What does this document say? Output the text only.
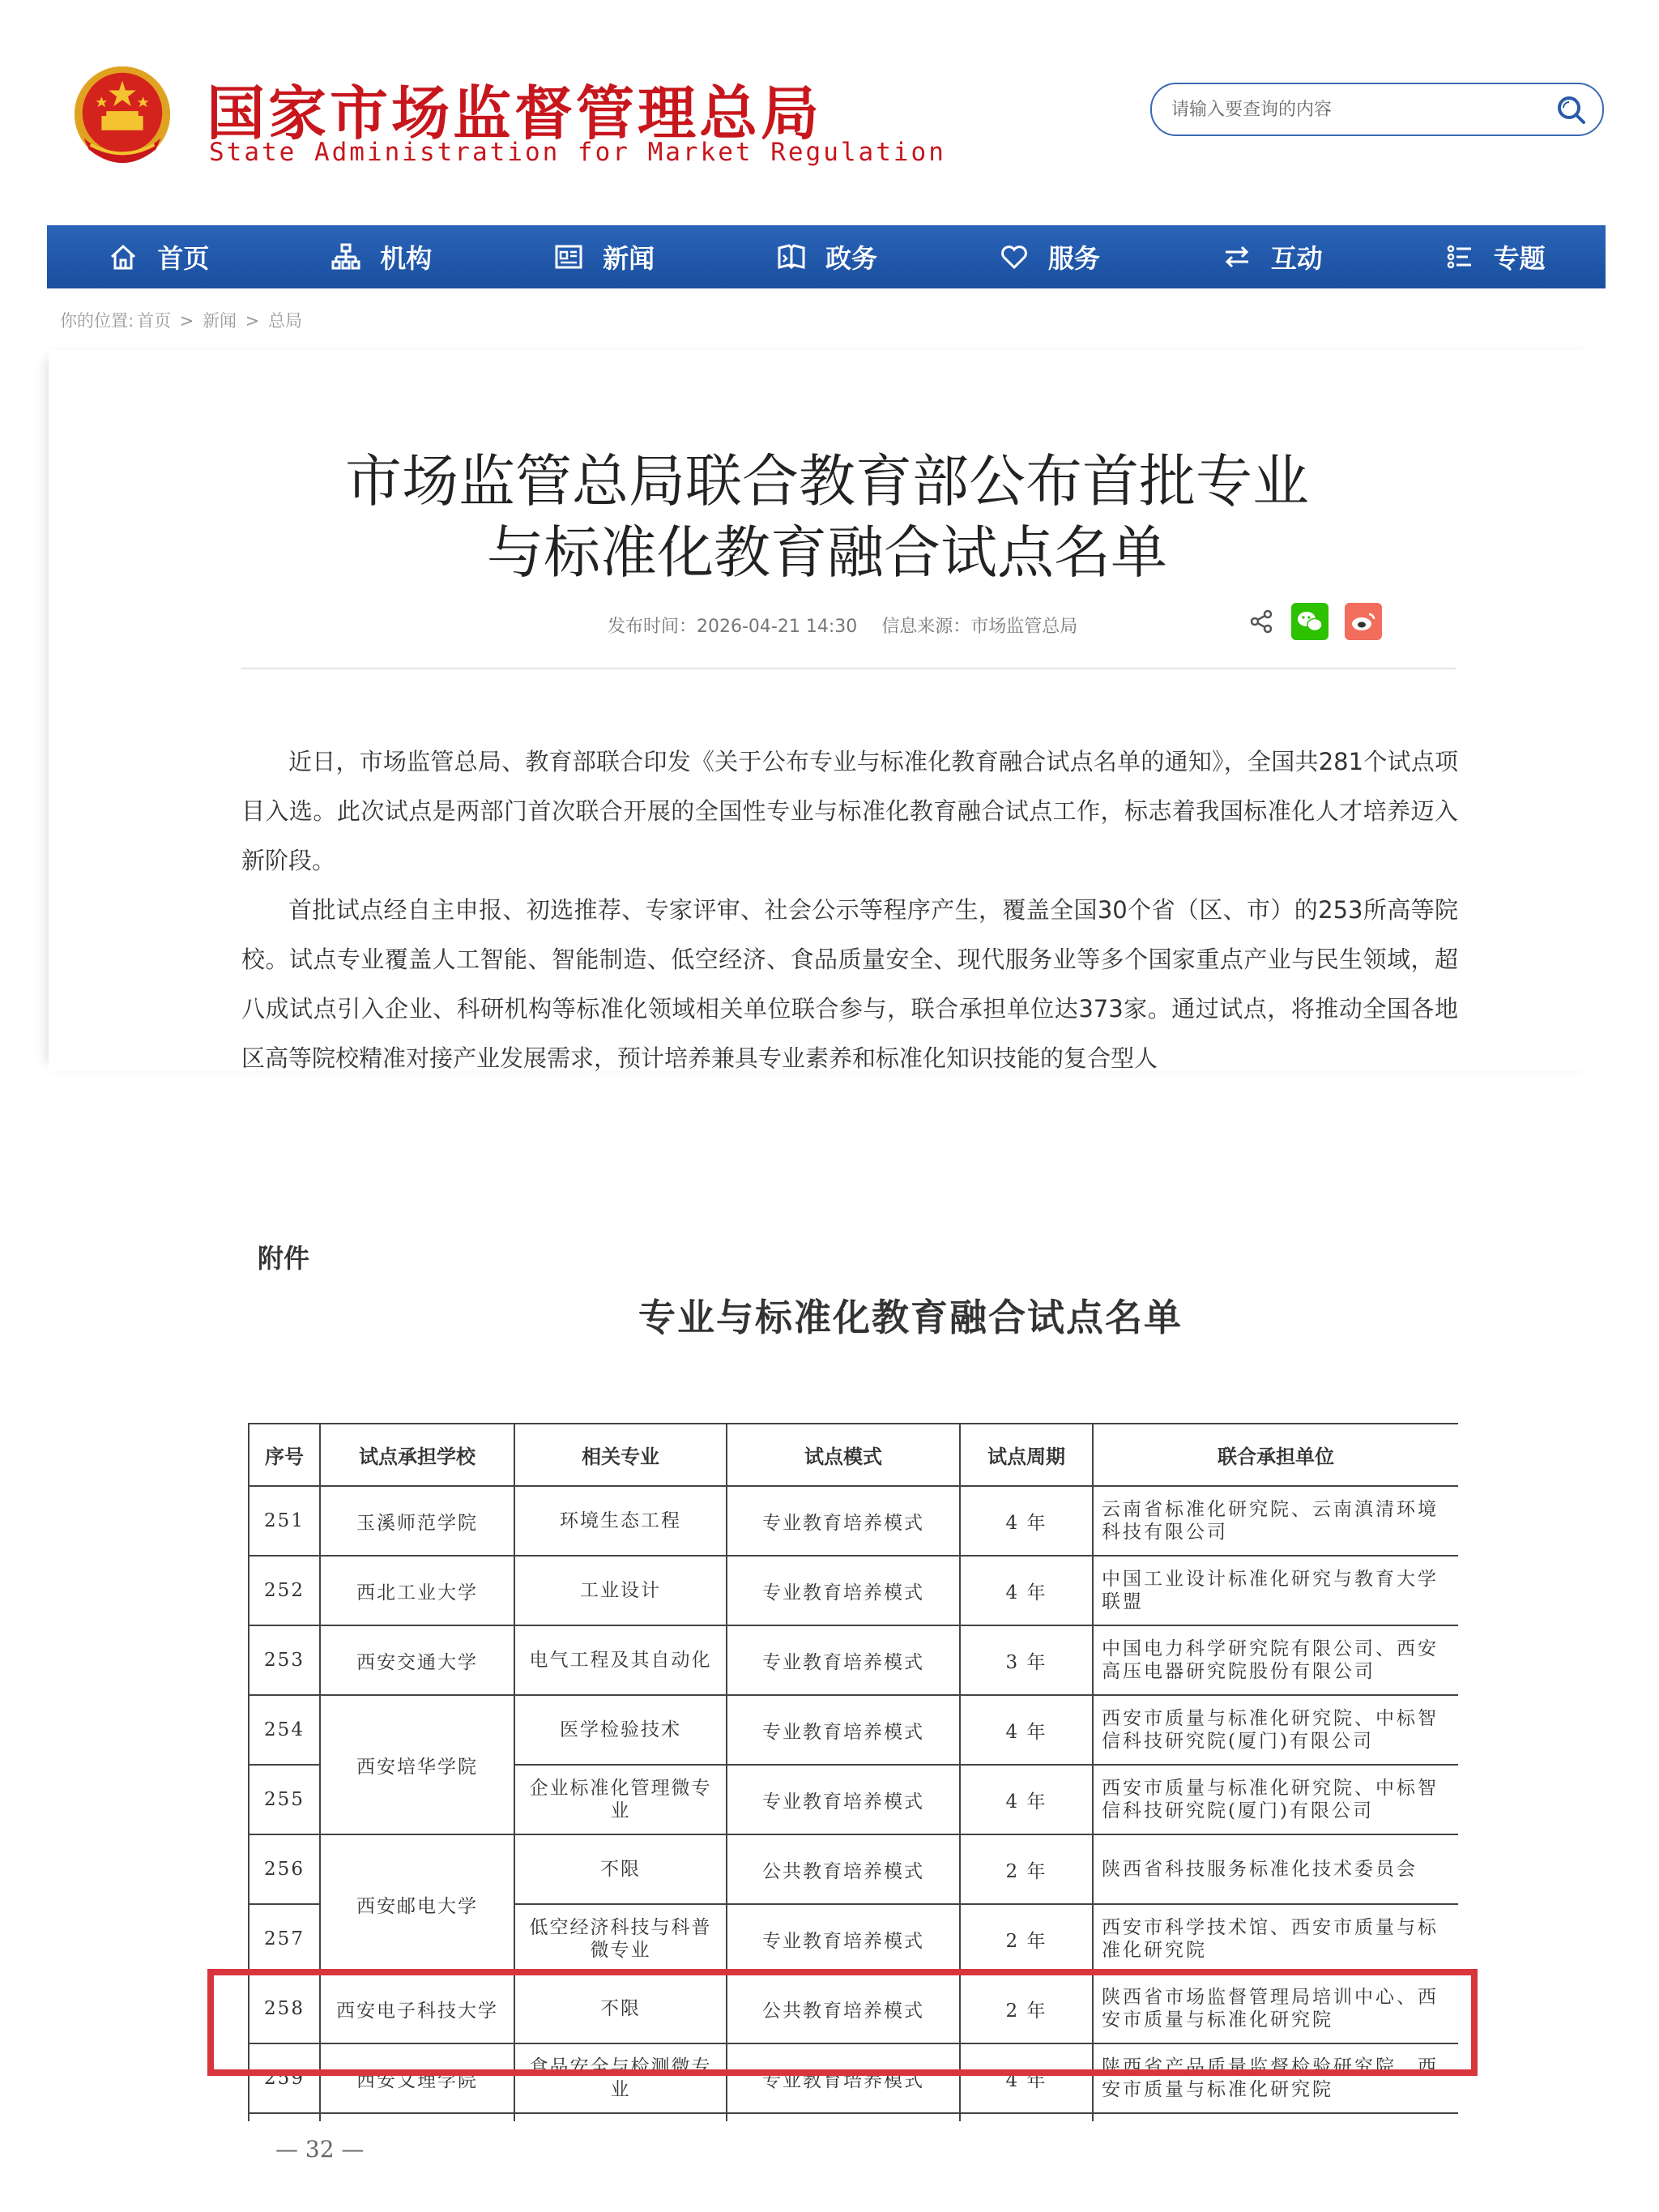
国家市场监督管理总局
State Administration for Market Regulation
请输入要查询的内容
首页	机构	新闻	政务	服务	互动	专题
你的位置: 首页 > 新闻 > 总局
市场监管总局联合教育部公布首批专业
与标准化教育融合试点名单
发布时间：2026-04-21 14:30 信息来源：市场监管总局

近日，市场监管总局、教育部联合印发《关于公布专业与标准化教育融合试点名单的通知》，全国共281个试点项目入选。此次试点是两部门首次联合开展的全国性专业与标准化教育融合试点工作，标志着我国标准化人才培养迈入新阶段。

首批试点经自主申报、初选推荐、专家评审、社会公示等程序产生，覆盖全国30个省（区、市）的253所高等院校。试点专业覆盖人工智能、智能制造、低空经济、食品质量安全、现代服务业等多个国家重点产业与民生领域，超八成试点引入企业、科研机构等标准化领域相关单位联合参与，联合承担单位达373家。通过试点，将推动全国各地区高等院校精准对接产业发展需求，预计培养兼具专业素养和标准化知识技能的复合型人

附件
专业与标准化教育融合试点名单
序号	试点承担学校	相关专业	试点模式	试点周期	联合承担单位
251	玉溪师范学院	环境生态工程	专业教育培养模式	4 年	云南省标准化研究院、云南滇清环境科技有限公司
252	西北工业大学	工业设计	专业教育培养模式	4 年	中国工业设计标准化研究与教育大学联盟
253	西安交通大学	电气工程及其自动化	专业教育培养模式	3 年	中国电力科学研究院有限公司、西安高压电器研究院股份有限公司
254	西安培华学院	医学检验技术	专业教育培养模式	4 年	西安市质量与标准化研究院、中标智信科技研究院(厦门)有限公司
255		企业标准化管理微专业	专业教育培养模式	4 年	西安市质量与标准化研究院、中标智信科技研究院(厦门)有限公司
256	西安邮电大学	不限	公共教育培养模式	2 年	陕西省科技服务标准化技术委员会
257		低空经济科技与科普微专业	专业教育培养模式	2 年	西安市科学技术馆、西安市质量与标准化研究院
258	西安电子科技大学	不限	公共教育培养模式	2 年	陕西省市场监督管理局培训中心、西安市质量与标准化研究院
259	西安文理学院	食品安全与检测微专业	专业教育培养模式	4 年	陕西省产品质量监督检验研究院、西安市质量与标准化研究院

— 32 —
